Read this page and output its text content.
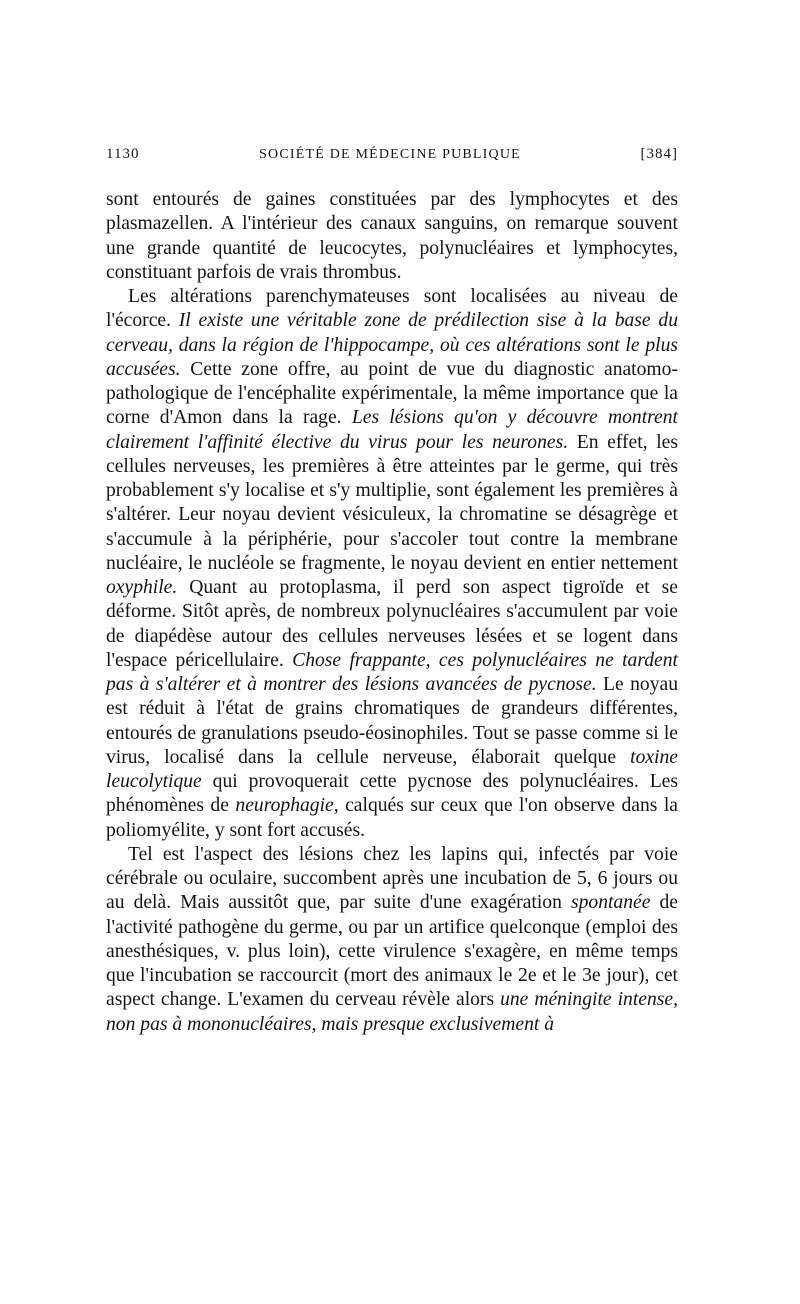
1130	SOCIÉTÉ DE MÉDECINE PUBLIQUE	[384]

sont entourés de gaines constituées par des lymphocytes et des plasmazellen. A l'intérieur des canaux sanguins, on remarque souvent une grande quantité de leucocytes, polynucléaires et lymphocytes, constituant parfois de vrais thrombus.

Les altérations parenchymateuses sont localisées au niveau de l'écorce. Il existe une véritable zone de prédilection sise à la base du cerveau, dans la région de l'hippocampe, où ces altérations sont le plus accusées. Cette zone offre, au point de vue du diagnostic anatomo-pathologique de l'encéphalite expérimentale, la même importance que la corne d'Amon dans la rage. Les lésions qu'on y découvre montrent clairement l'affinité élective du virus pour les neurones. En effet, les cellules nerveuses, les premières à être atteintes par le germe, qui très probablement s'y localise et s'y multiplie, sont également les premières à s'altérer. Leur noyau devient vésiculeux, la chromatine se désagrège et s'accumule à la périphérie, pour s'accoler tout contre la membrane nucléaire, le nucléole se fragmente, le noyau devient en entier nettement oxyphile. Quant au protoplasma, il perd son aspect tigroïde et se déforme. Sitôt après, de nombreux polynucléaires s'accumulent par voie de diapédèse autour des cellules nerveuses lésées et se logent dans l'espace péricellulaire. Chose frappante, ces polynucléaires ne tardent pas à s'altérer et à montrer des lésions avancées de pycnose. Le noyau est réduit à l'état de grains chromatiques de grandeurs différentes, entourés de granulations pseudo-éosinophiles. Tout se passe comme si le virus, localisé dans la cellule nerveuse, élaborait quelque toxine leucolytique qui provoquerait cette pycnose des polynucléaires. Les phénomènes de neurophagie, calqués sur ceux que l'on observe dans la poliomyélite, y sont fort accusés.

Tel est l'aspect des lésions chez les lapins qui, infectés par voie cérébrale ou oculaire, succombent après une incubation de 5, 6 jours ou au delà. Mais aussitôt que, par suite d'une exagération spontanée de l'activité pathogène du germe, ou par un artifice quelconque (emploi des anesthésiques, v. plus loin), cette virulence s'exagère, en même temps que l'incubation se raccourcit (mort des animaux le 2e et le 3e jour), cet aspect change. L'examen du cerveau révèle alors une méningite intense, non pas à mononucléaires, mais presque exclusivement à
